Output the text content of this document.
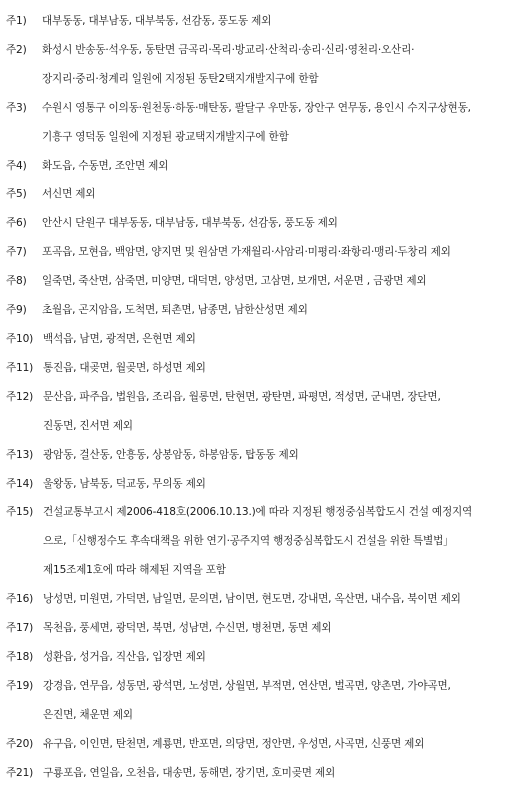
주1) 대부동동, 대부남동, 대부북동, 선감동, 풍도동 제외
주2) 화성시 반송동·석우동, 동탄면 금곡리·목리·방교리·산척리·송리·신리·영천리·오산리·
장지리·중리·청계리 일원에 지정된 동탄2택지개발지구에 한함
주3) 수원시 영통구 이의동·원천동·하동·매탄동, 팔달구 우만동, 장안구 연무동, 용인시 수지구상현동,
기흥구 영덕동 일원에 지정된 광교택지개발지구에 한함
주4) 화도읍, 수동면, 조안면 제외
주5) 서신면 제외
주6) 안산시 단원구 대부동동, 대부남동, 대부북동, 선감동, 풍도동 제외
주7) 포곡읍, 모현읍, 백암면, 양지면 및 원삼면 가재월리·사암리·미평리·좌항리·맹리·두창리 제외
주8) 일죽면, 죽산면, 삼죽면, 미양면, 대덕면, 양성면, 고삼면, 보개면, 서운면 , 금광면 제외
주9) 초월읍, 곤지암읍, 도척면, 퇴촌면, 남종면, 남한산성면 제외
주10) 백석읍, 남면, 광적면, 은현면 제외
주11) 통진읍, 대곶면, 월곶면, 하성면 제외
주12) 문산읍, 파주읍, 법원읍, 조리읍, 월롱면, 탄현면, 광탄면, 파평면, 적성면, 군내면, 장단면,
진동면, 진서면 제외
주13) 광암동, 걸산동, 안흥동, 상봉암동, 하봉암동, 탑동동 제외
주14) 울왕동, 남북동, 덕교동, 무의동 제외
주15) 건설교통부고시 제2006-418호(2006.10.13.)에 따라 지정된 행정중심복합도시 건설 예정지역
으로,「신행정수도 후속대책을 위한 연기·공주지역 행정중심복합도시 건설을 위한 특별법」
제15조제1호에 따라 해제된 지역을 포함
주16) 낭성면, 미원면, 가덕면, 남일면, 문의면, 남이면, 현도면, 강내면, 옥산면, 내수읍, 북이면 제외
주17) 목천읍, 풍세면, 광덕면, 북면, 성남면, 수신면, 병천면, 동면 제외
주18) 성환읍, 성거읍, 직산읍, 입장면 제외
주19) 강경읍, 연무읍, 성동면, 광석면, 노성면, 상월면, 부적면, 연산면, 벌곡면, 양촌면, 가야곡면,
은진면, 채운면 제외
주20) 유구읍, 이인면, 탄천면, 계룡면, 반포면, 의당면, 정안면, 우성면, 사곡면, 신풍면 제외
주21) 구룡포읍, 연일읍, 오천읍, 대송면, 동해면, 장기면, 호미곶면 제외
